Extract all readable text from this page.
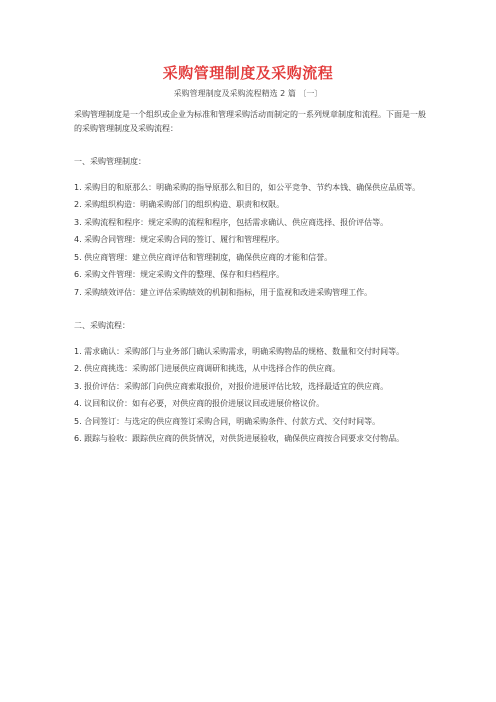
采购管理制度及采购流程
采购管理制度及采购流程精选 2 篇 〔一〕

采购管理制度是一个组织或企业为标准和管理采购活动而制定的一系列规章制度和流程。下面是一般的采购管理制度及采购流程：

一、采购管理制度：

1. 采购目的和原那么：明确采购的指导原那么和目的，如公平竞争、节约本钱、确保供应品质等。

2. 采购组织构造：明确采购部门的组织构造、职责和权限。

3. 采购流程和程序：规定采购的流程和程序，包括需求确认、供应商选择、报价评估等。

4. 采购合同管理：规定采购合同的签订、履行和管理程序。

5. 供应商管理：建立供应商评估和管理制度，确保供应商的才能和信誉。

6. 采购文件管理：规定采购文件的整理、保存和归档程序。

7. 采购绩效评估：建立评估采购绩效的机制和指标，用于监视和改进采购管理工作。

二、采购流程：

1. 需求确认：采购部门与业务部门确认采购需求，明确采购物品的规格、数量和交付时间等。

2. 供应商挑选：采购部门进展供应商调研和挑选，从中选择合作的供应商。

3. 报价评估：采购部门向供应商索取报价，对报价进展评估比较，选择最适宜的供应商。

4. 议回和议价：如有必要，对供应商的报价进展议回或进展价格议价。

5. 合同签订：与选定的供应商签订采购合同，明确采购条件、付款方式、交付时间等。

6. 跟踪与验收：跟踪供应商的供货情况，对供货进展验收，确保供应商按合同要求交付物品。
